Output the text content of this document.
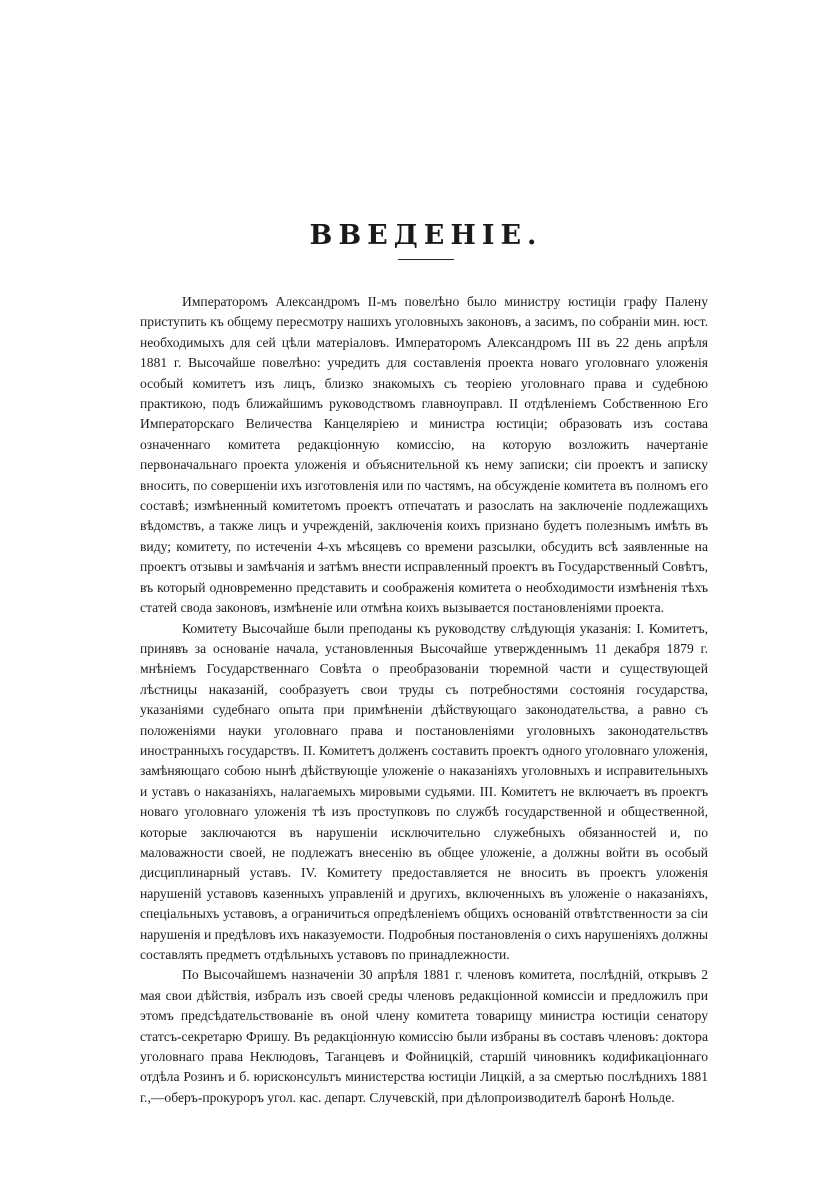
ВВЕДЕНІЕ.

Императоромъ Александромъ II-мъ повелѣно было министру юстиціи графу Палену приступить къ общему пересмотру нашихъ уголовныхъ законовъ, а засимъ, по собраніи мин. юст. необходимыхъ для сей цѣли матеріаловъ. Императоромъ Александромъ III въ 22 день апрѣля 1881 г. Высочайше повелѣно: учредить для составленія проекта новаго уголовнаго уложенія особый комитетъ изъ лицъ, близко знакомыхъ съ теоріею уголовнаго права и судебною практикою, подъ ближайшимъ руководствомъ главноуправл. II отдѣленіемъ Собственною Его Императорскаго Величества Канцеляріею и министра юстиціи; образовать изъ состава означеннаго комитета редакціонную комиссію, на которую возложить начертаніе первоначальнаго проекта уложенія и объяснительной къ нему записки; сіи проектъ и записку вносить, по совершеніи ихъ изготовленія или по частямъ, на обсужденіе комитета въ полномъ его составѣ; измѣненный комитетомъ проектъ отпечатать и разослать на заключеніе подлежащихъ вѣдомствъ, а также лицъ и учрежденій, заключенія коихъ признано будетъ полезнымъ имѣть въ виду; комитету, по истеченіи 4-хъ мѣсяцевъ со времени разсылки, обсудить всѣ заявленные на проектъ отзывы и замѣчанія и затѣмъ внести исправленный проектъ въ Государственный Совѣтъ, въ который одновременно представить и соображенія комитета о необходимости измѣненія тѣхъ статей свода законовъ, измѣненіе или отмѣна коихъ вызывается постановленіями проекта.

Комитету Высочайше были преподаны къ руководству слѣдующія указанія: I. Комитетъ, принявъ за основаніе начала, установленныя Высочайше утвержденнымъ 11 декабря 1879 г. мнѣніемъ Государственнаго Совѣта о преобразованіи тюремной части и существующей лѣстницы наказаній, сообразуетъ свои труды съ потребностями состоянія государства, указаніями судебнаго опыта при примѣненіи дѣйствующаго законодательства, а равно съ положеніями науки уголовнаго права и постановленіями уголовныхъ законодательствъ иностранныхъ государствъ. II. Комитетъ долженъ составить проектъ одного уголовнаго уложенія, замѣняющаго собою нынѣ дѣйствующіе уложеніе о наказаніяхъ уголовныхъ и исправительныхъ и уставъ о наказаніяхъ, налагаемыхъ мировыми судьями. III. Комитетъ не включаетъ въ проектъ новаго уголовнаго уложенія тѣ изъ проступковъ по службѣ государственной и общественной, которые заключаются въ нарушеніи исключительно служебныхъ обязанностей и, по маловажности своей, не подлежатъ внесенію въ общее уложеніе, а должны войти въ особый дисциплинарный уставъ. IV. Комитету предоставляется не вносить въ проектъ уложенія нарушеній уставовъ казенныхъ управленій и другихъ, включенныхъ въ уложеніе о наказаніяхъ, спеціальныхъ уставовъ, а ограничиться опредѣленіемъ общихъ основаній отвѣтственности за сіи нарушенія и предѣловъ ихъ наказуемости. Подробныя постановленія о сихъ нарушеніяхъ должны составлять предметъ отдѣльныхъ уставовъ по принадлежности.

По Высочайшемъ назначеніи 30 апрѣля 1881 г. членовъ комитета, послѣдній, открывъ 2 мая свои дѣйствія, избралъ изъ своей среды членовъ редакціонной комиссіи и предложилъ при этомъ предсѣдательствованіе въ оной члену комитета товарищу министра юстиціи сенатору статсъ-секретарю Фришу. Въ редакціонную комиссію были избраны въ составъ членовъ: доктора уголовнаго права Неклюдовъ, Таганцевъ и Фойницкій, старшій чиновникъ кодификаціоннаго отдѣла Розинъ и б. юрисконсультъ министерства юстиціи Лицкій, а за смертью послѣднихъ 1881 г.,—оберъ-прокуроръ угол. кас. департ. Случевскій, при дѣлопроизводителѣ баронѣ Нольде.
